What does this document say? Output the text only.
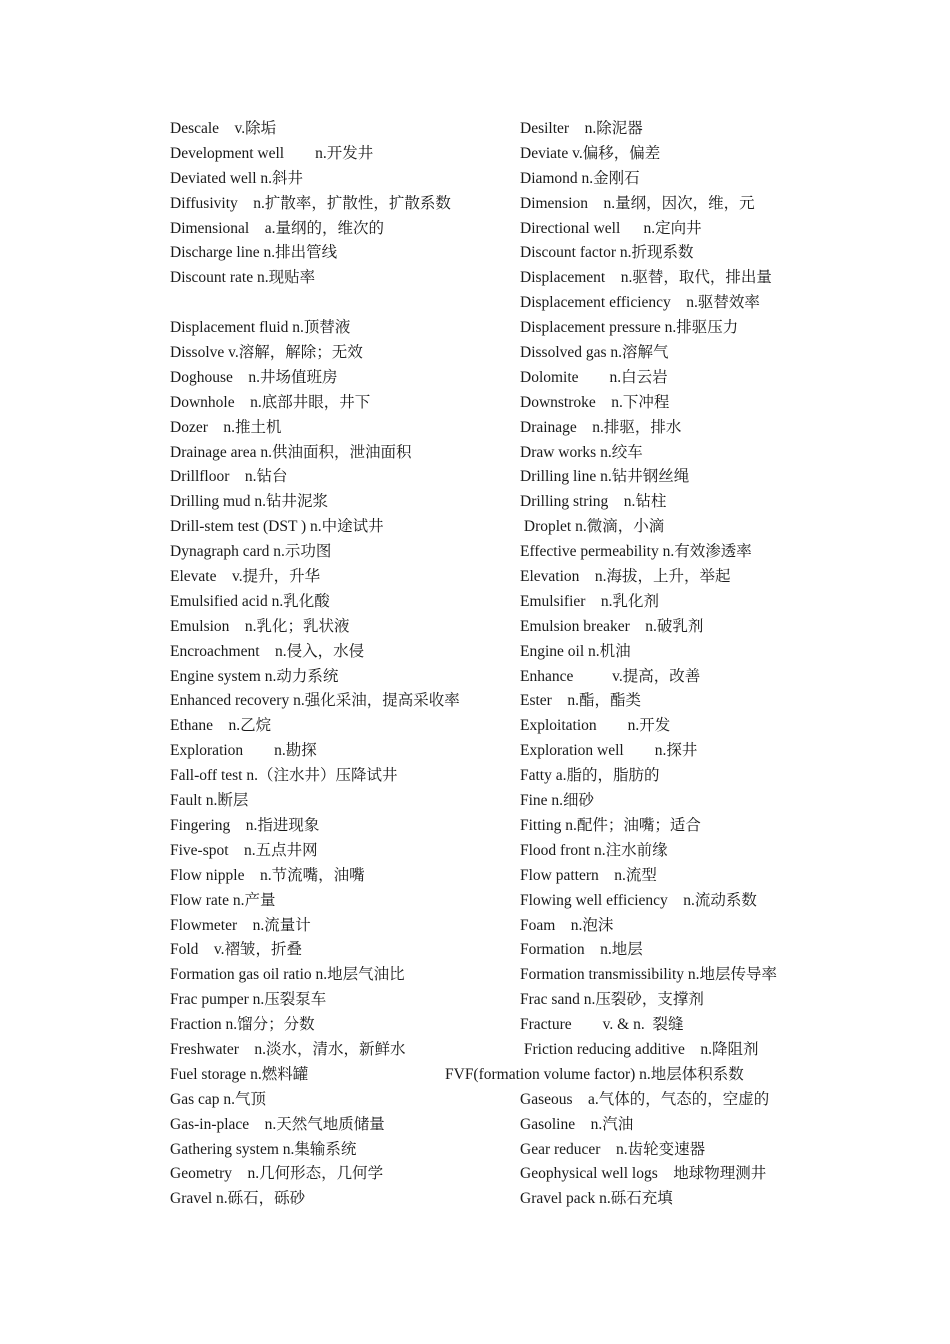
Descale    v.除垢
Development well        n.开发井
Deviated well n.斜井
Diffusivity    n.扩散率，扩散性，扩散系数
Dimensional    a.量纲的，维次的
Discharge line n.排出管线
Discount rate n.现贴率
Displacement fluid n.顶替液
Dissolve v.溶解，解除；无效
Doghouse    n.井场值班房
Downhole    n.底部井眼，井下
Dozer    n.推土机
Drainage area n.供油面积，泄油面积
Drillfloor    n.钻台
Drilling mud n.钻井泥浆
Drill-stem test (DST ) n.中途试井
Dynagraph card n.示功图
Elevate    v.提升，升华
Emulsified acid n.乳化酸
Emulsion    n.乳化；乳状液
Encroachment    n.侵入，水侵
Engine system n.动力系统
Enhanced recovery n.强化采油，提高采收率
Ethane    n.乙烷
Exploration        n.勘探
Fall-off test n.（注水井）压降试井
Fault n.断层
Fingering    n.指进现象
Five-spot    n.五点井网
Flow nipple    n.节流嘴，油嘴
Flow rate n.产量
Flowmeter    n.流量计
Fold    v.褶皱，折叠
Formation gas oil ratio n.地层气油比
Frac pumper n.压裂泵车
Fraction n.馏分；分数
Freshwater    n.淡水，清水，新鲜水
Fuel storage n.燃料罐
Gas cap n.气顶
Gas-in-place    n.天然气地质储量
Gathering system n.集输系统
Geometry    n.几何形态，几何学
Gravel n.砾石，砾砂
Desilter    n.除泥器
Deviate v.偏移，偏差
Diamond n.金刚石
Dimension    n.量纲，因次，维，元
Directional well      n.定向井
Discount factor n.折现系数
Displacement    n.驱替，取代，排出量
Displacement efficiency    n.驱替效率
Displacement pressure n.排驱压力
Dissolved gas n.溶解气
Dolomite        n.白云岩
Downstroke    n.下冲程
Drainage    n.排驱，排水
Draw works n.绞车
Drilling line n.钻井钢丝绳
Drilling string    n.钻柱
Droplet n.微滴，小滴
Effective permeability n.有效渗透率
Elevation    n.海拔，上升，举起
Emulsifier    n.乳化剂
Emulsion breaker    n.破乳剂
Engine oil n.机油
Enhance          v.提高，改善
Ester    n.酯，酯类
Exploitation        n.开发
Exploration well        n.探井
Fatty a.脂的，脂肪的
Fine n.细砂
Fitting n.配件；油嘴；适合
Flood front n.注水前缘
Flow pattern    n.流型
Flowing well efficiency    n.流动系数
Foam    n.泡沫
Formation    n.地层
Formation transmissibility n.地层传导率
Frac sand n.压裂砂，支撑剂
Fracture        v. & n.  裂缝
Friction reducing additive    n.降阻剂
FVF(formation volume factor) n.地层体积系数
Gaseous    a.气体的，气态的，空虚的
Gasoline    n.汽油
Gear reducer    n.齿轮变速器
Geophysical well logs    地球物理测井
Gravel pack n.砾石充填
